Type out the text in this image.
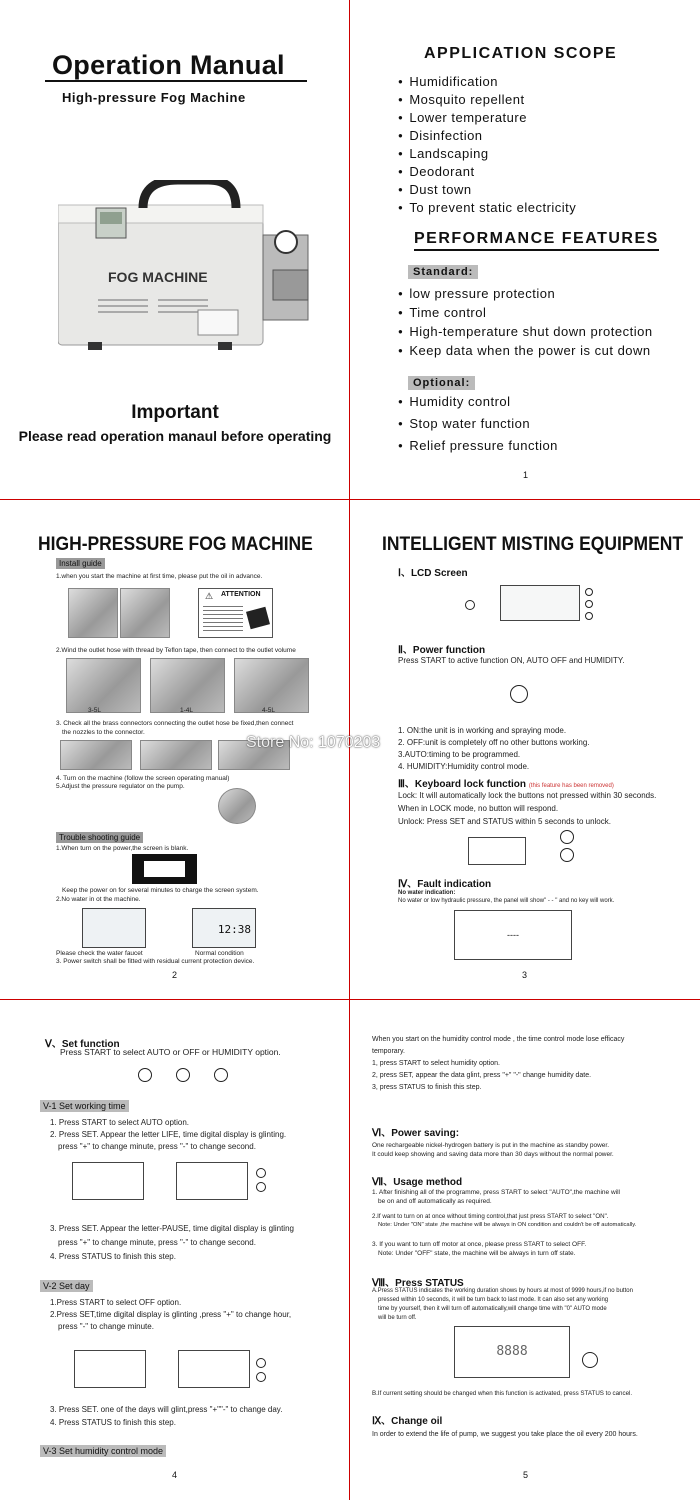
Operation Manual
High-pressure Fog Machine
FOG MACHINE
Important
Please read operation manaul before operating
APPLICATION SCOPE
● Humidification
● Mosquito repellent
● Lower temperature
● Disinfection
● Landscaping
● Deodorant
● Dust town
● To prevent static electricity
PERFORMANCE FEATURES
Standard:
● low pressure protection
● Time control
● High-temperature shut down protection
● Keep data when the power is cut down
Optional:
● Humidity control
● Stop water function
● Relief pressure function
1
HIGH-PRESSURE FOG MACHINE
Install guide
1.when you start the machine at first time, please put the oil in advance.
ATTENTION
⚠
2.Wind the outlet hose with thread by Teflon tape, then connect to the outlet volume
3-5L	1-4L	4-5L
3. Check all the brass connectors connecting the outlet hose be fixed,then connect
the nozzles to the connector.
4. Turn on the machine (follow the screen operating manual)
5.Adjust the pressure regulator on the pump.
Trouble shooting guide
1.When turn on the power,the screen is blank.
Keep the power on for several minutes to charge the screen system.
2.No water in ot the machine.
12:38
Please check the water faucet	Normal condition
3. Power switch shall be fitted with residual current protection device.
2
INTELLIGENT MISTING EQUIPMENT
Ⅰ、LCD Screen
Ⅱ、Power function
Press START to active function ON, AUTO OFF and HUMIDITY.
1. ON:the unit is in working and spraying mode.
2. OFF:unit is completely off no other buttons working.
3.AUTO:timing to be programmed.
4. HUMIDITY:Humidity control mode.
Ⅲ、Keyboard lock function (this feature has been removed)
Lock: It will automatically lock the buttons not pressed within 30 seconds.
When in LOCK mode, no button will respond.
Unlock: Press SET and STATUS within 5 seconds to unlock.
Ⅳ、Fault indication
No water indication:
No water or low hydraulic pressure, the panel will show" - - " and no key will work.
----
3
Store No: 1070203
Ⅴ、Set function
Press START to select AUTO or OFF or HUMIDITY option.
V-1 Set working time
1. Press START to select AUTO option.
2. Press SET. Appear the letter LIFE, time digital display is glinting.
press "+" to change minute, press "-" to change second.
3. Press SET. Appear the letter-PAUSE, time digital display is glinting
press "+" to change minute, press "-" to change second.
4. Press STATUS to finish this step.
V-2 Set day
1.Press START to select OFF option.
2.Press SET,time digital display is glinting ,press "+" to change hour,
press "-" to change minute.
3. Press SET. one of the days will glint,press "+""-" to change day.
4. Press STATUS to finish this step.
V-3 Set humidity control mode
4
When you start on the humidity control mode , the time control mode lose efficacy
temporary.
1, press START to select humidity option.
2, press SET, appear the data glint, press "+" "-" change humidity date.
3, press STATUS to finish this step.
Ⅵ、Power saving:
One rechargeable nickel-hydrogen battery is put in the machine as standby power.
It could keep showing and saving data more than 30 days without the normal power.
Ⅶ、Usage method
1. After finishing all of the programme, press START to select "AUTO",the machine will
be on and off automatically as required.
2.If want to turn on at once without timing control,that just press START to select "ON".
Note: Under "ON" state ,the machine will be always in ON condition and couldn't be off automatically.
3. If you want to turn off motor at once, please press START to select OFF.
Note: Under "OFF" state, the machine will be always in turn off state.
Ⅷ、Press STATUS
A.Press STATUS indicates the working duration shows by hours at most of 9999 hours,if no button
pressed within 10 seconds, it will be turn back to last mode. It can also set any working
time by yourself, then it will turn off automatically,will change time with "0" AUTO mode
will be turn off.
8888
B.If current setting should be changed when this function is activated, press STATUS to cancel.
Ⅸ、Change oil
In order to extend the life of pump, we suggest you take place the oil every 200 hours.
5
